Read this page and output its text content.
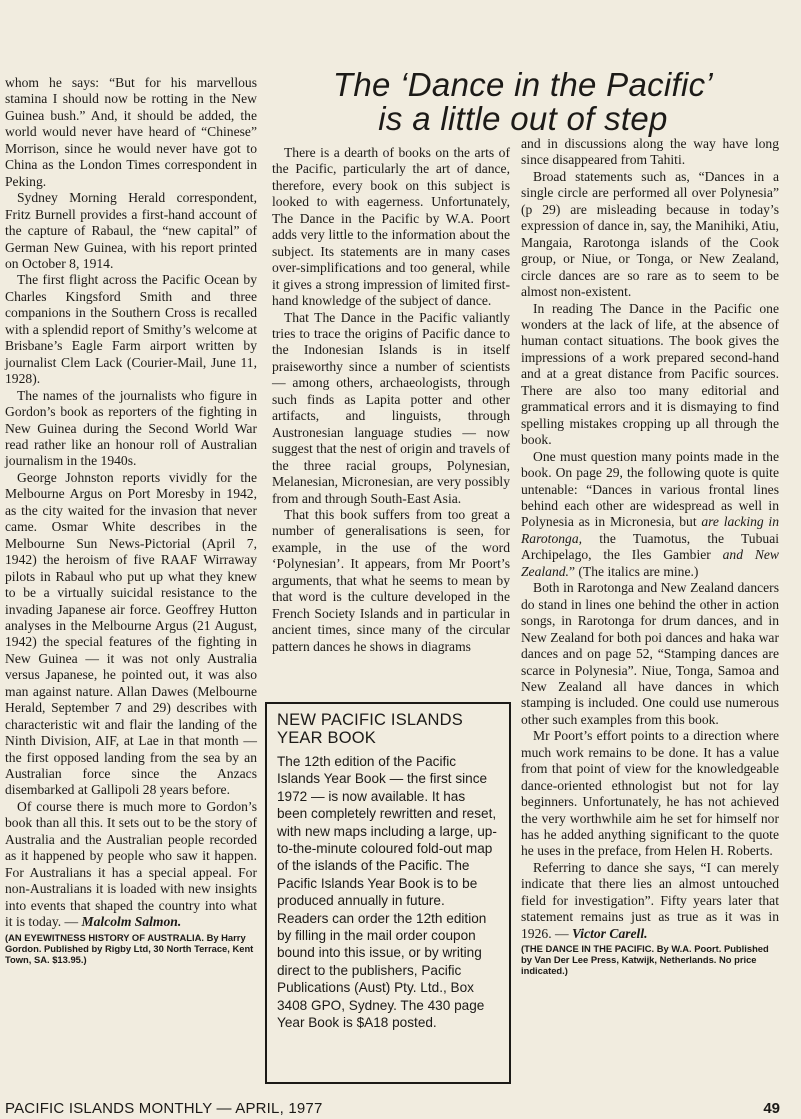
whom he says: “But for his marvellous stamina I should now be rotting in the New Guinea bush.” And, it should be added, the world would never have heard of “Chinese” Morrison, since he would never have got to China as the London Times correspondent in Peking.

Sydney Morning Herald correspondent, Fritz Burnell provides a first-hand account of the capture of Rabaul, the “new capital” of German New Guinea, with his report printed on October 8, 1914.

The first flight across the Pacific Ocean by Charles Kingsford Smith and three companions in the Southern Cross is recalled with a splendid report of Smithy’s welcome at Brisbane’s Eagle Farm airport written by journalist Clem Lack (Courier-Mail, June 11, 1928).

The names of the journalists who figure in Gordon’s book as reporters of the fighting in New Guinea during the Second World War read rather like an honour roll of Australian journalism in the 1940s.

George Johnston reports vividly for the Melbourne Argus on Port Moresby in 1942, as the city waited for the invasion that never came. Osmar White describes in the Melbourne Sun News-Pictorial (April 7, 1942) the heroism of five RAAF Wirraway pilots in Rabaul who put up what they knew to be a virtually suicidal resistance to the invading Japanese air force. Geoffrey Hutton analyses in the Melbourne Argus (21 August, 1942) the special features of the fighting in New Guinea — it was not only Australia versus Japanese, he pointed out, it was also man against nature. Allan Dawes (Melbourne Herald, September 7 and 29) describes with characteristic wit and flair the landing of the Ninth Division, AIF, at Lae in that month — the first opposed landing from the sea by an Australian force since the Anzacs disembarked at Gallipoli 28 years before.

Of course there is much more to Gordon’s book than all this. It sets out to be the story of Australia and the Australian people recorded as it happened by people who saw it happen. For Australians it has a special appeal. For non-Australians it is loaded with new insights into events that shaped the country into what it is today. — Malcolm Salmon.

(AN EYEWITNESS HISTORY OF AUSTRALIA. By Harry Gordon. Published by Rigby Ltd, 30 North Terrace, Kent Town, SA. $13.95.)

The ‘Dance in the Pacific’
is a little out of step

There is a dearth of books on the arts of the Pacific, particularly the art of dance, therefore, every book on this subject is looked to with eagerness. Unfortunately, The Dance in the Pacific by W.A. Poort adds very little to the information about the subject. Its statements are in many cases over-simplifications and too general, while it gives a strong impression of limited first-hand knowledge of the subject of dance.

That The Dance in the Pacific valiantly tries to trace the origins of Pacific dance to the Indonesian Islands is in itself praiseworthy since a number of scientists — among others, archaeologists, through such finds as Lapita potter and other artifacts, and linguists, through Austronesian language studies — now suggest that the nest of origin and travels of the three racial groups, Polynesian, Melanesian, Micronesian, are very possibly from and through South-East Asia.

That this book suffers from too great a number of generalisations is seen, for example, in the use of the word ‘Polynesian’. It appears, from Mr Poort’s arguments, that what he seems to mean by that word is the culture developed in the French Society Islands and in particular in ancient times, since many of the circular pattern dances he shows in diagrams

NEW PACIFIC ISLANDS
YEAR BOOK

The 12th edition of the Pacific Islands Year Book — the first since 1972 — is now available. It has been completely rewritten and reset, with new maps including a large, up-to-the-minute coloured fold-out map of the islands of the Pacific. The Pacific Islands Year Book is to be produced annually in future.

Readers can order the 12th edition by filling in the mail order coupon bound into this issue, or by writing direct to the publishers, Pacific Publications (Aust) Pty. Ltd., Box 3408 GPO, Sydney. The 430 page Year Book is $A18 posted.

and in discussions along the way have long since disappeared from Tahiti.

Broad statements such as, “Dances in a single circle are performed all over Polynesia” (p 29) are misleading because in today’s expression of dance in, say, the Manihiki, Atiu, Mangaia, Rarotonga islands of the Cook group, or Niue, or Tonga, or New Zealand, circle dances are so rare as to seem to be almost non-existent.

In reading The Dance in the Pacific one wonders at the lack of life, at the absence of human contact situations. The book gives the impressions of a work prepared second-hand and at a great distance from Pacific sources. There are also too many editorial and grammatical errors and it is dismaying to find spelling mistakes cropping up all through the book.

One must question many points made in the book. On page 29, the following quote is quite untenable: “Dances in various frontal lines behind each other are widespread as well in Polynesia as in Micronesia, but are lacking in Rarotonga, the Tuamotus, the Tubuai Archipelago, the Iles Gambier and New Zealand.” (The italics are mine.)

Both in Rarotonga and New Zealand dancers do stand in lines one behind the other in action songs, in Rarotonga for drum dances, and in New Zealand for both poi dances and haka war dances and on page 52, “Stamping dances are scarce in Polynesia”. Niue, Tonga, Samoa and New Zealand all have dances in which stamping is included. One could use numerous other such examples from this book.

Mr Poort’s effort points to a direction where much work remains to be done. It has a value from that point of view for the knowledgeable dance-oriented ethnologist but not for lay beginners. Unfortunately, he has not achieved the very worthwhile aim he set for himself nor has he added anything significant to the quote he uses in the preface, from Helen H. Roberts.

Referring to dance she says, “I can merely indicate that there lies an almost untouched field for investigation”. Fifty years later that statement remains just as true as it was in 1926. — Victor Carell.

(THE DANCE IN THE PACIFIC. By W.A. Poort. Published by Van Der Lee Press, Katwijk, Netherlands. No price indicated.)

PACIFIC ISLANDS MONTHLY — APRIL, 1977	49
